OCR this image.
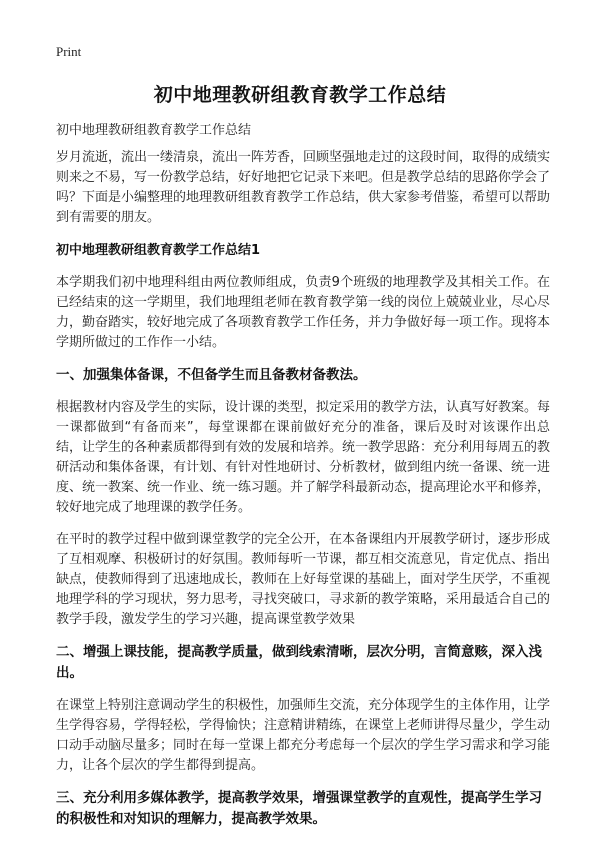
Print
初中地理教研组教育教学工作总结
初中地理教研组教育教学工作总结

岁月流逝，流出一缕清泉，流出一阵芳香，回顾坚强地走过的这段时间，取得的成绩实则来之不易，写一份教学总结，好好地把它记录下来吧。但是教学总结的思路你学会了吗？下面是小编整理的地理教研组教育教学工作总结，供大家参考借鉴，希望可以帮助到有需要的朋友。

初中地理教研组教育教学工作总结1

本学期我们初中地理科组由两位教师组成，负责9个班级的地理教学及其相关工作。在已经结束的这一学期里，我们地理组老师在教育教学第一线的岗位上兢兢业业，尽心尽力，勤奋踏实，较好地完成了各项教育教学工作任务，并力争做好每一项工作。现将本学期所做过的工作作一小结。

一、加强集体备课，不但备学生而且备教材备教法。

根据教材内容及学生的实际，设计课的类型，拟定采用的教学方法，认真写好教案。每一课都做到“有备而来”，每堂课都在课前做好充分的准备，课后及时对该课作出总结，让学生的各种素质都得到有效的发展和培养。统一教学思路：充分利用每周五的教研活动和集体备课，有计划、有针对性地研讨、分析教材，做到组内统一备课、统一进度、统一教案、统一作业、统一练习题。并了解学科最新动态，提高理论水平和修养，较好地完成了地理课的教学任务。

在平时的教学过程中做到课堂教学的完全公开，在本备课组内开展教学研讨，逐步形成了互相观摩、积极研讨的好氛围。教师每听一节课，都互相交流意见，肯定优点、指出缺点，使教师得到了迅速地成长，教师在上好每堂课的基础上，面对学生厌学，不重视地理学科的学习现状，努力思考，寻找突破口，寻求新的教学策略，采用最适合自己的教学手段，激发学生的学习兴趣，提高课堂教学效果

二、增强上课技能，提高教学质量，做到线索清晰，层次分明，言简意赅，深入浅出。

在课堂上特别注意调动学生的积极性，加强师生交流，充分体现学生的主体作用，让学生学得容易，学得轻松，学得愉快；注意精讲精练，在课堂上老师讲得尽量少，学生动口动手动脑尽量多；同时在每一堂课上都充分考虑每一个层次的学生学习需求和学习能力，让各个层次的学生都得到提高。

三、充分利用多媒体教学，提高教学效果，增强课堂教学的直观性，提高学生学习的积极性和对知识的理解力，提高教学效果。
